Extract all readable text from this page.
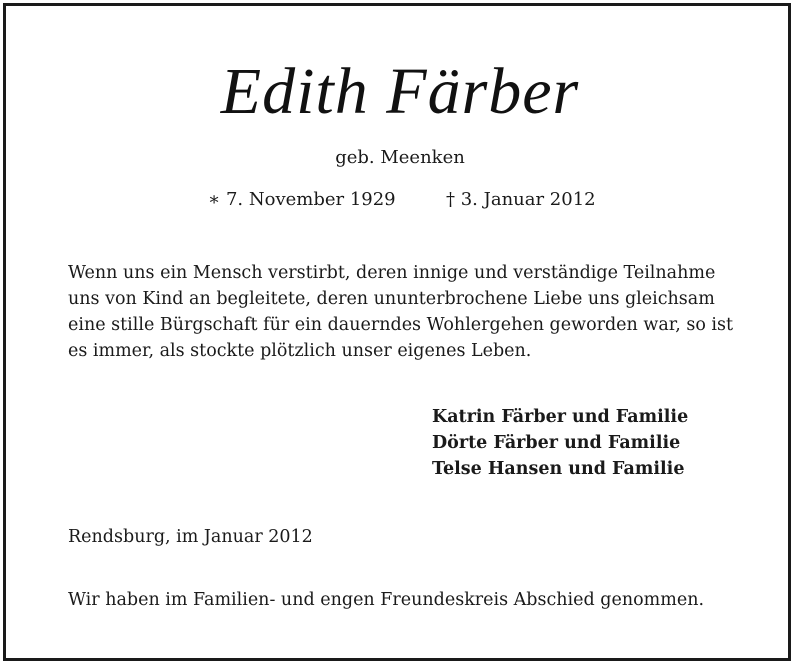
Edith Färber
geb. Meenken
∗ 7. November 1929	† 3. Januar 2012
Wenn uns ein Mensch verstirbt, deren innige und verständige Teilnahme
uns von Kind an begleitete, deren ununterbrochene Liebe uns gleichsam
eine stille Bürgschaft für ein dauerndes Wohlergehen geworden war, so ist
es immer, als stockte plötzlich unser eigenes Leben.
Katrin Färber und Familie
Dörte Färber und Familie
Telse Hansen und Familie
Rendsburg, im Januar 2012
Wir haben im Familien- und engen Freundeskreis Abschied genommen.
